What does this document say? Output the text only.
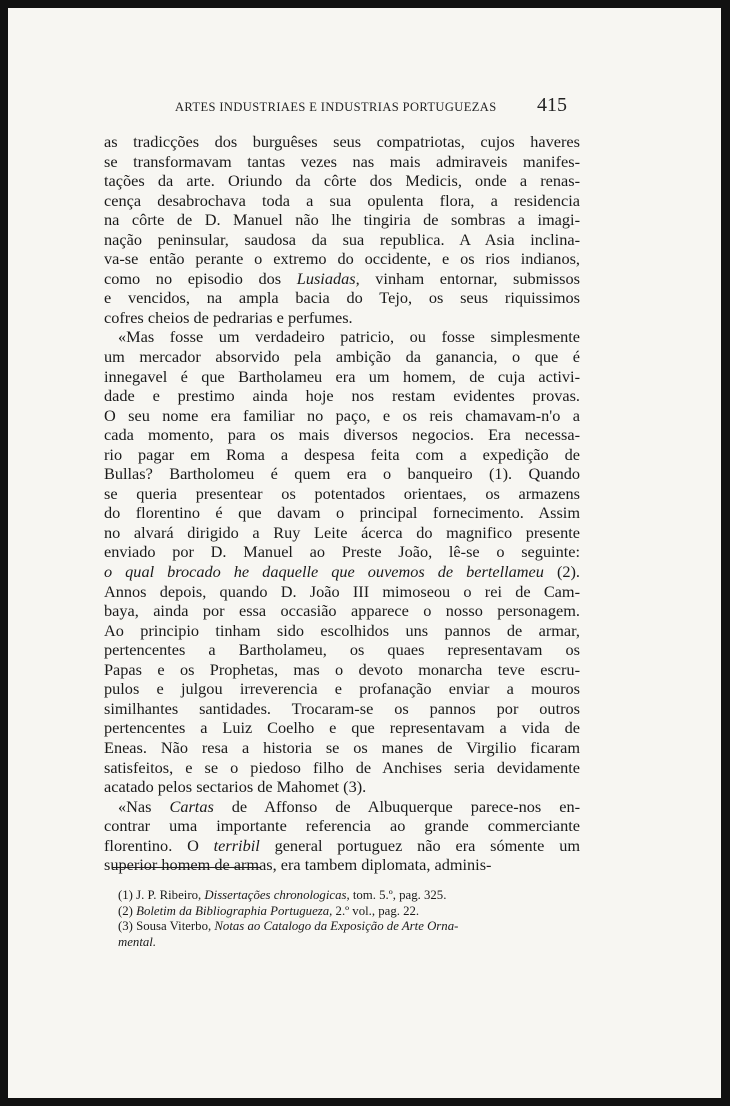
ARTES INDUSTRIAES E INDUSTRIAS PORTUGUEZAS 415
as tradicções dos burguêses seus compatriotas, cujos haveres
se transformavam tantas vezes nas mais admiraveis manifes-
tações da arte. Oriundo da côrte dos Medicis, onde a renas-
cença desabrochava toda a sua opulenta flora, a residencia
na côrte de D. Manuel não lhe tingiria de sombras a imagi-
nação peninsular, saudosa da sua republica. A Asia inclina-
va-se então perante o extremo do occidente, e os rios indianos,
como no episodio dos Lusiadas, vinham entornar, submissos
e vencidos, na ampla bacia do Tejo, os seus riquissimos
cofres cheios de pedrarias e perfumes.
«Mas fosse um verdadeiro patricio, ou fosse simplesmente
um mercador absorvido pela ambição da ganancia, o que é
innegavel é que Bartholameu era um homem, de cuja activi-
dade e prestimo ainda hoje nos restam evidentes provas.
O seu nome era familiar no paço, e os reis chamavam-n'o a
cada momento, para os mais diversos negocios. Era necessa-
rio pagar em Roma a despesa feita com a expedição de
Bullas? Bartholomeu é quem era o banqueiro (1). Quando
se queria presentear os potentados orientaes, os armazens
do florentino é que davam o principal fornecimento. Assim
no alvará dirigido a Ruy Leite ácerca do magnifico presente
enviado por D. Manuel ao Preste João, lê-se o seguinte:
o qual brocado he daquelle que ouvemos de bertellameu (2).
Annos depois, quando D. João III mimoseou o rei de Cam-
baya, ainda por essa occasião apparece o nosso personagem.
Ao principio tinham sido escolhidos uns pannos de armar,
pertencentes a Bartholameu, os quaes representavam os
Papas e os Prophetas, mas o devoto monarcha teve escru-
pulos e julgou irreverencia e profanação enviar a mouros
similhantes santidades. Trocaram-se os pannos por outros
pertencentes a Luiz Coelho e que representavam a vida de
Eneas. Não resa a historia se os manes de Virgilio ficaram
satisfeitos, e se o piedoso filho de Anchises seria devidamente
acatado pelos sectarios de Mahomet (3).
«Nas Cartas de Affonso de Albuquerque parece-nos en-
contrar uma importante referencia ao grande commerciante
florentino. O terribil general portuguez não era sómente um
superior homem de armas, era tambem diplomata, adminis-
(1) J. P. Ribeiro, Dissertações chronologicas, tom. 5.º, pag. 325.
(2) Boletim da Bibliographia Portugueza, 2.º vol., pag. 22.
(3) Sousa Viterbo, Notas ao Catalogo da Exposição de Arte Orna-
mental.
